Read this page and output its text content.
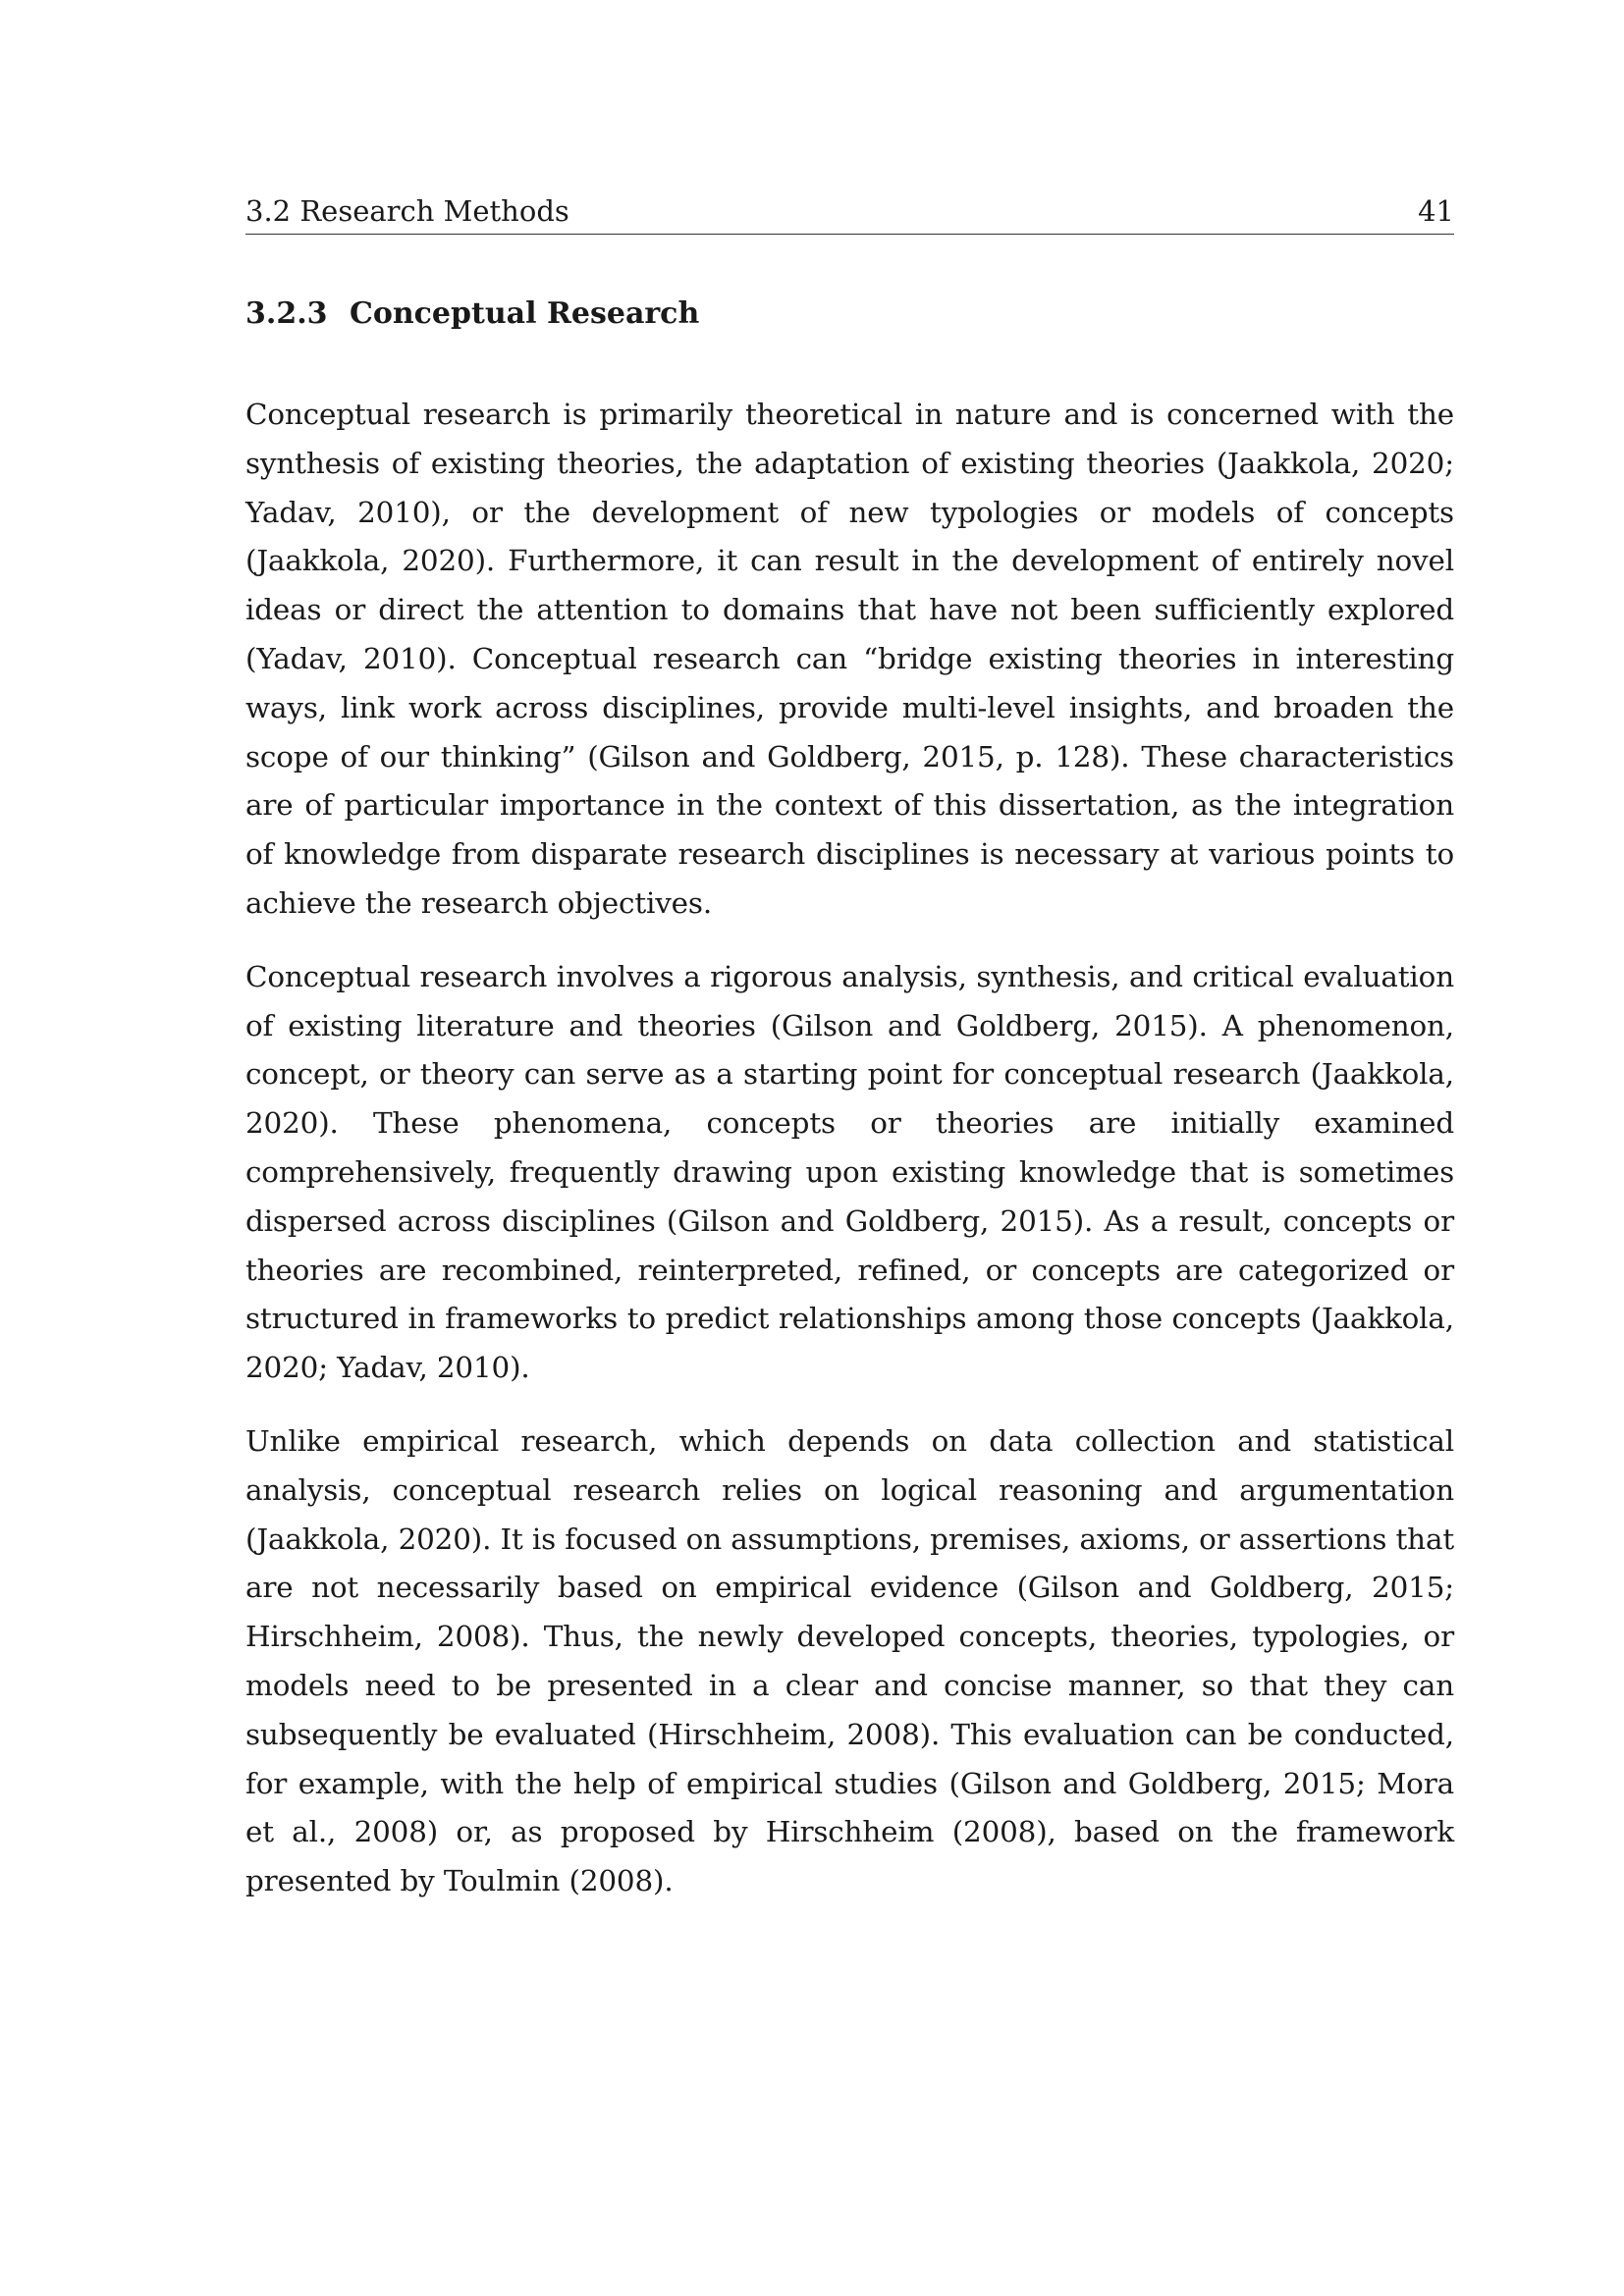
3.2 Research Methods	41
3.2.3 Conceptual Research

Conceptual research is primarily theoretical in nature and is concerned with the synthesis of existing theories, the adaptation of existing theories (Jaakkola, 2020; Yadav, 2010), or the development of new typologies or models of concepts (Jaakkola, 2020). Furthermore, it can result in the development of entirely novel ideas or direct the attention to domains that have not been sufficiently explored (Yadav, 2010). Conceptual research can “bridge existing theories in interesting ways, link work across disciplines, provide multi-level insights, and broaden the scope of our thinking” (Gilson and Goldberg, 2015, p. 128). These characteristics are of particular importance in the context of this dissertation, as the integration of knowledge from disparate research disciplines is necessary at various points to achieve the research objectives.

Conceptual research involves a rigorous analysis, synthesis, and critical evaluation of existing literature and theories (Gilson and Goldberg, 2015). A phenomenon, concept, or theory can serve as a starting point for conceptual research (Jaakkola, 2020). These phenomena, concepts or theories are initially examined comprehensively, frequently drawing upon existing knowledge that is sometimes dispersed across disciplines (Gilson and Goldberg, 2015). As a result, concepts or theories are recombined, reinterpreted, refined, or concepts are categorized or structured in frameworks to predict relationships among those concepts (Jaakkola, 2020; Yadav, 2010).

Unlike empirical research, which depends on data collection and statistical analysis, conceptual research relies on logical reasoning and argumentation (Jaakkola, 2020). It is focused on assumptions, premises, axioms, or assertions that are not necessarily based on empirical evidence (Gilson and Goldberg, 2015; Hirschheim, 2008). Thus, the newly developed concepts, theories, typologies, or models need to be presented in a clear and concise manner, so that they can subsequently be evaluated (Hirschheim, 2008). This evaluation can be conducted, for example, with the help of empirical studies (Gilson and Goldberg, 2015; Mora et al., 2008) or, as proposed by Hirschheim (2008), based on the framework presented by Toulmin (2008).
